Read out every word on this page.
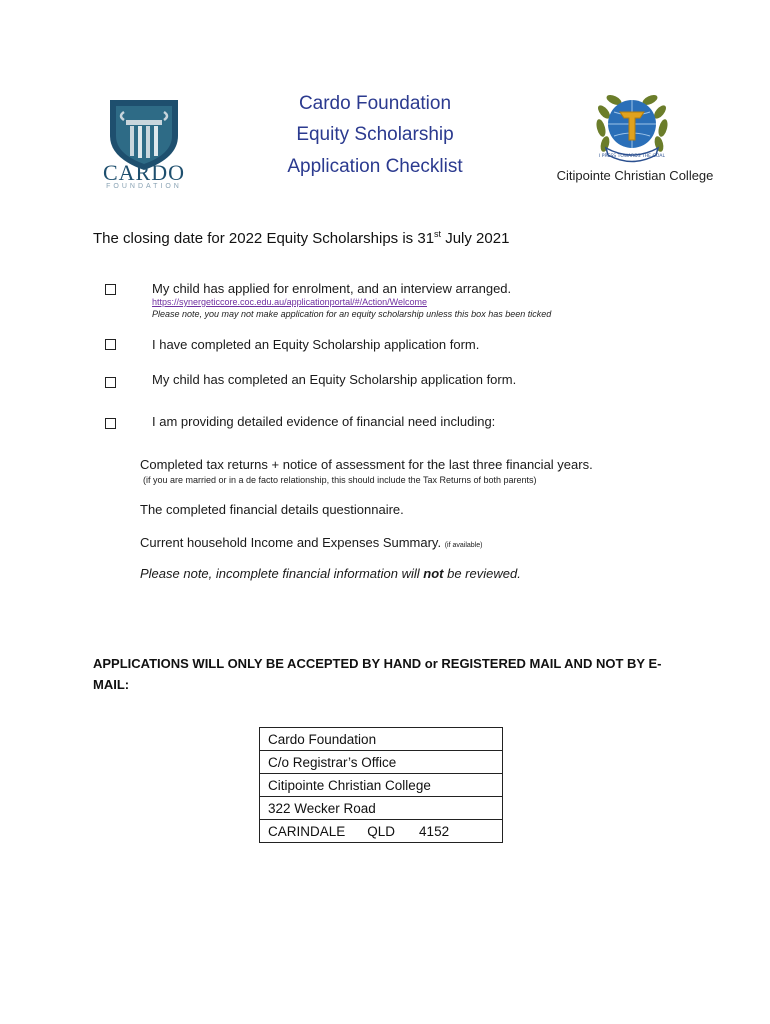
CARDO
FOUNDATION
Cardo Foundation
Equity Scholarship
Application Checklist	I PRESS TOWARDS THE GOAL
Citipointe Christian College
The closing date for 2022 Equity Scholarships is 31st July 2021
My child has applied for enrolment, and an interview arranged.
https://synergeticcore.coc.edu.au/applicationportal/#/Action/Welcome
Please note, you may not make application for an equity scholarship unless this box has been ticked
I have completed an Equity Scholarship application form.
My child has completed an Equity Scholarship application form.
I am providing detailed evidence of financial need including:
Completed tax returns + notice of assessment for the last three financial years.
(if you are married or in a de facto relationship, this should include the Tax Returns of both parents)
The completed financial details questionnaire.
Current household Income and Expenses Summary. (if available)
Please note, incomplete financial information will not be reviewed.
APPLICATIONS WILL ONLY BE ACCEPTED BY HAND or REGISTERED MAIL AND NOT BY E-MAIL:
Cardo Foundation
C/o Registrar’s Office
Citipointe Christian College
322 Wecker Road
CARINDALE QLD 4152
